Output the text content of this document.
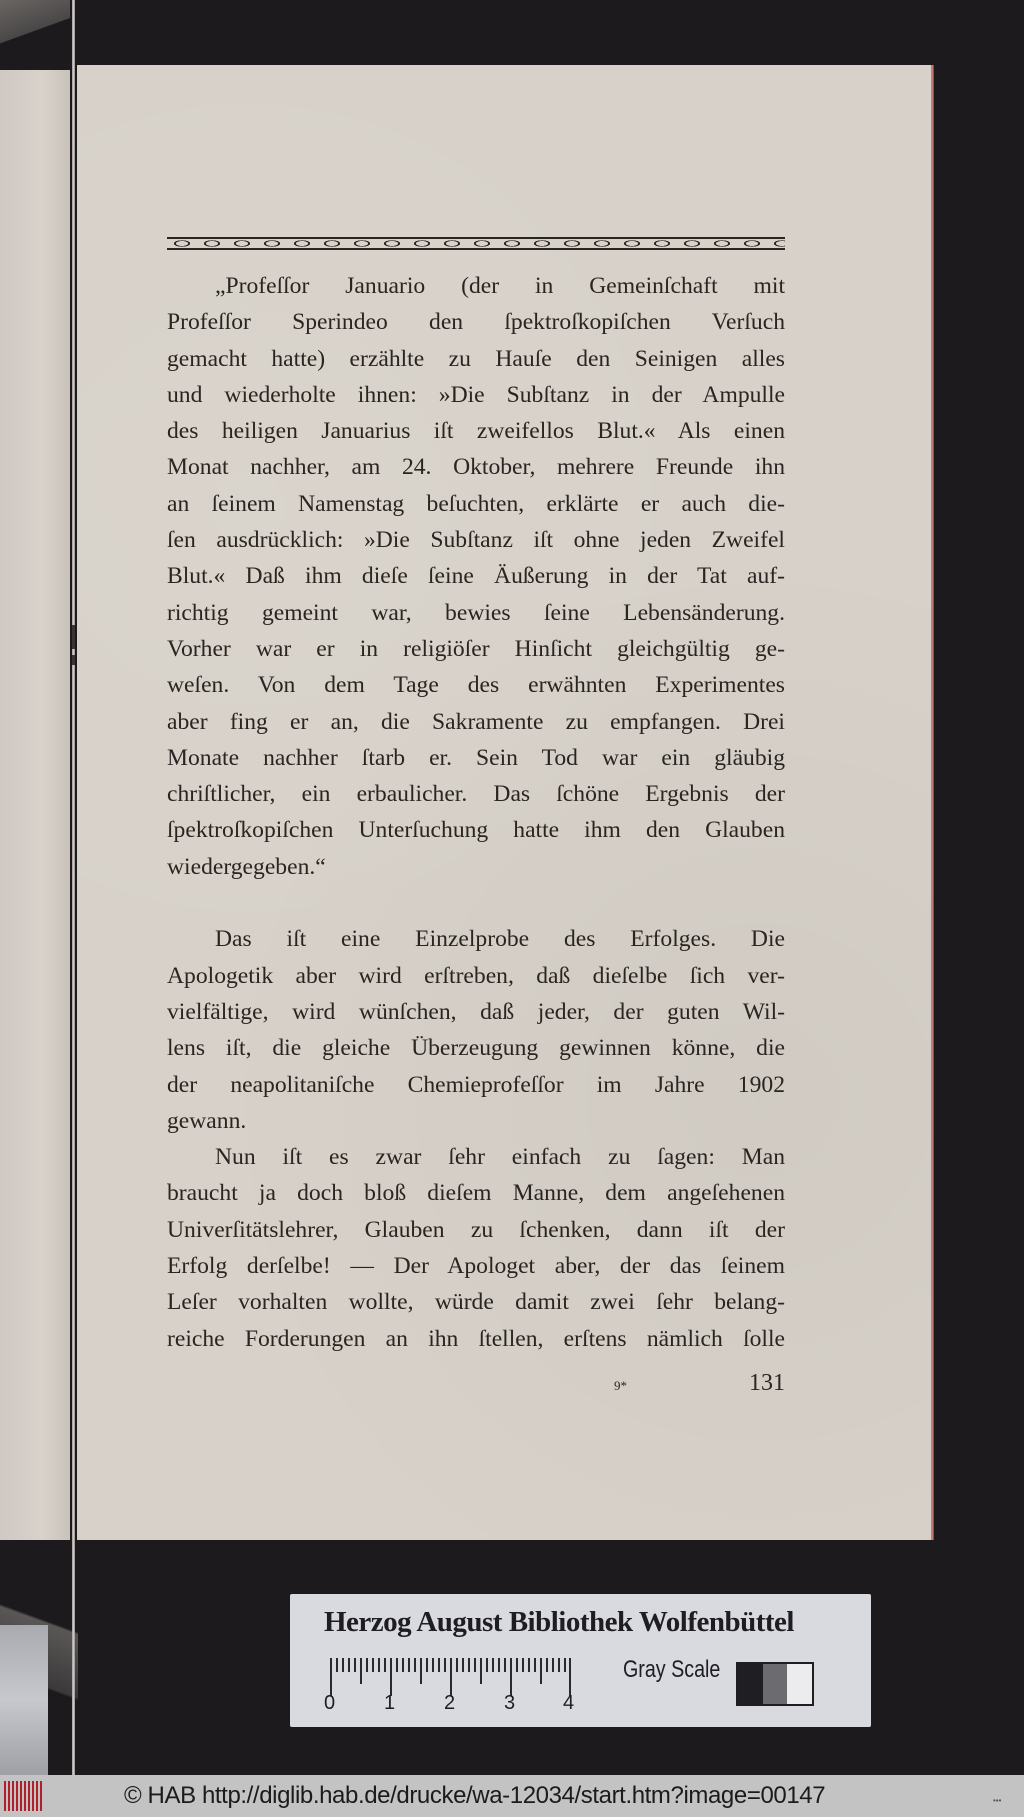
„Profeſſor Januario (der in Gemeinſchaft mit
Profeſſor Sperindeo den ſpektroſkopiſchen Verſuch
gemacht hatte) erzählte zu Hauſe den Seinigen alles
und wiederholte ihnen: »Die Subſtanz in der Ampulle
des heiligen Januarius iſt zweifellos Blut.« Als einen
Monat nachher, am 24. Oktober, mehrere Freunde ihn
an ſeinem Namenstag beſuchten, erklärte er auch die-
ſen ausdrücklich: »Die Subſtanz iſt ohne jeden Zweifel
Blut.« Daß ihm dieſe ſeine Äußerung in der Tat auf-
richtig gemeint war, bewies ſeine Lebensänderung.
Vorher war er in religiöſer Hinſicht gleichgültig ge-
weſen. Von dem Tage des erwähnten Experimentes
aber fing er an, die Sakramente zu empfangen. Drei
Monate nachher ſtarb er. Sein Tod war ein gläubig
chriſtlicher, ein erbaulicher. Das ſchöne Ergebnis der
ſpektroſkopiſchen Unterſuchung hatte ihm den Glauben
wiedergegeben.“
Das iſt eine Einzelprobe des Erfolges. Die
Apologetik aber wird erſtreben, daß dieſelbe ſich ver-
vielfältige, wird wünſchen, daß jeder, der guten Wil-
lens iſt, die gleiche Überzeugung gewinnen könne, die
der neapolitaniſche Chemieprofeſſor im Jahre 1902
gewann.
Nun iſt es zwar ſehr einfach zu ſagen: Man
braucht ja doch bloß dieſem Manne, dem angeſehenen
Univerſitätslehrer, Glauben zu ſchenken, dann iſt der
Erfolg derſelbe! — Der Apologet aber, der das ſeinem
Leſer vorhalten wollte, würde damit zwei ſehr belang-
reiche Forderungen an ihn ſtellen, erſtens nämlich ſolle
9*	131
Herzog August Bibliothek Wolfenbüttel
0 1 2 3 4
Gray Scale
© HAB http://diglib.hab.de/drucke/wa-12034/start.htm?image=00147	•▪•
